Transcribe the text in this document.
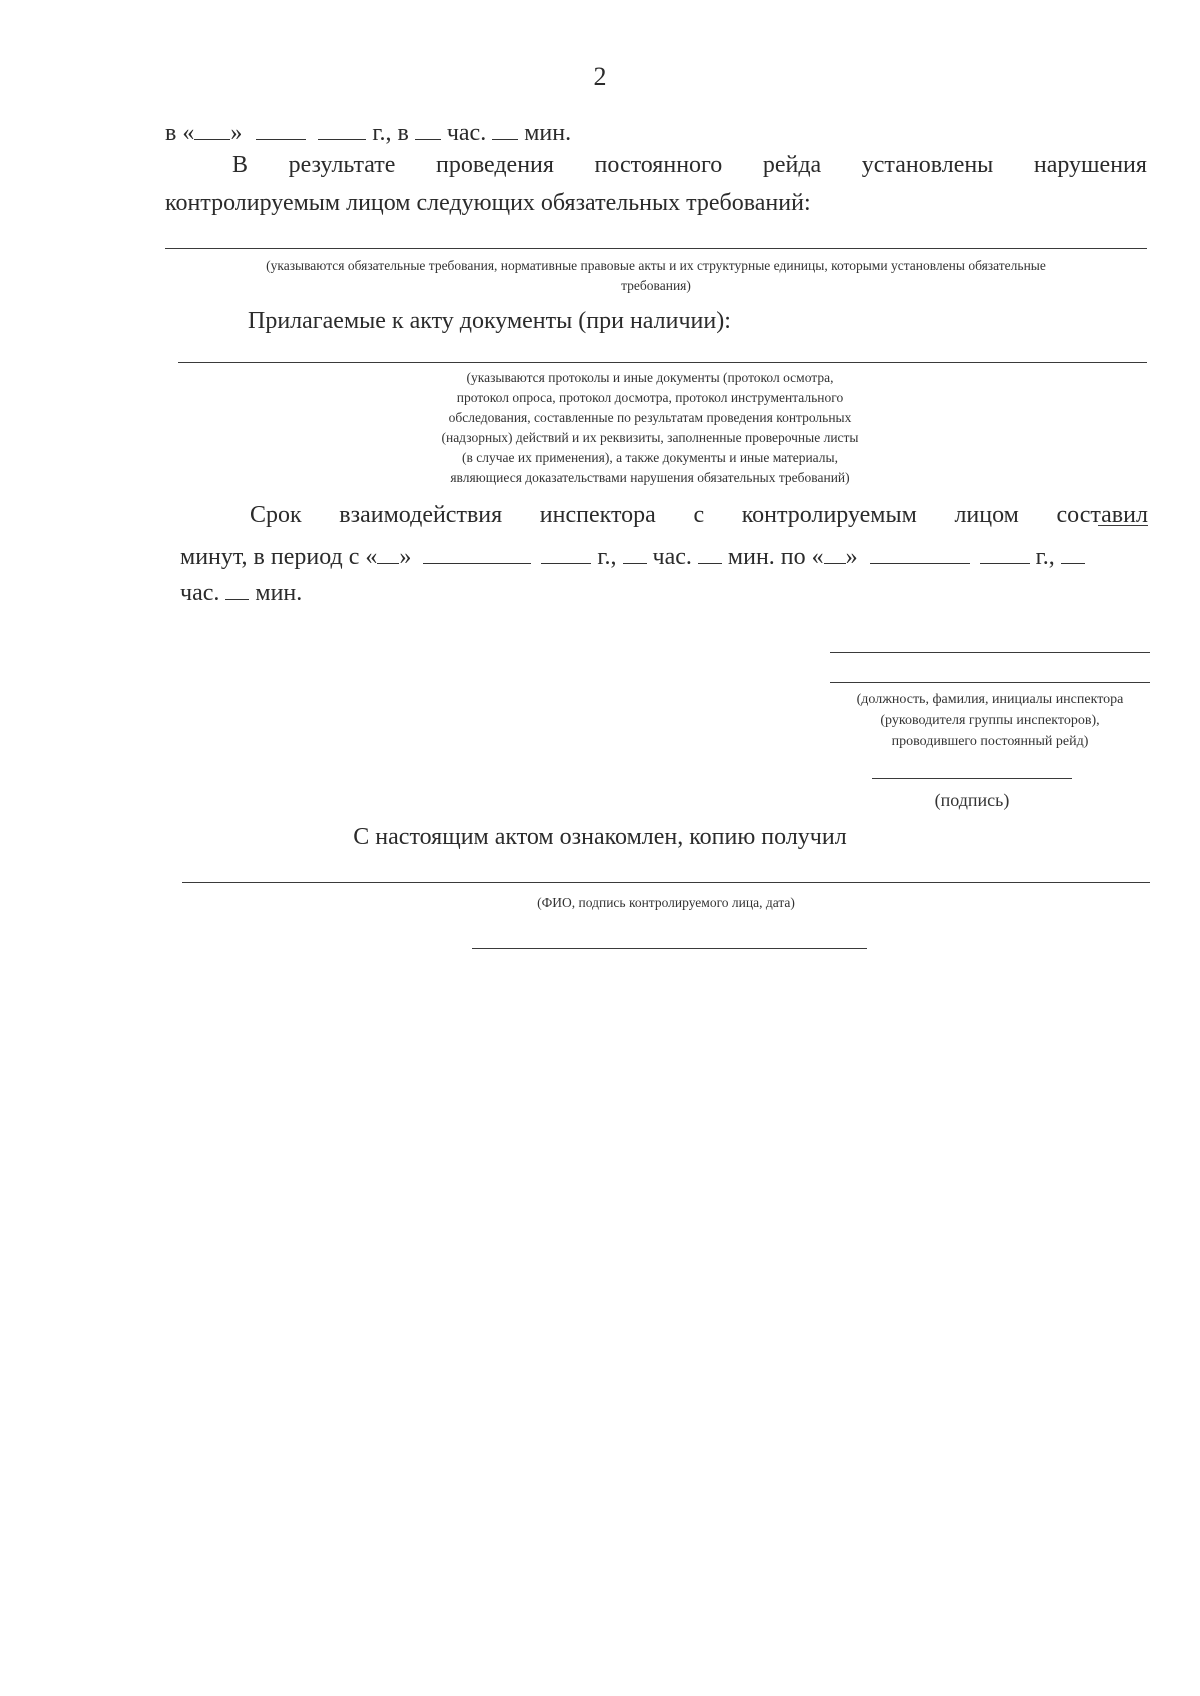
2
в « »	г., в час. мин.
В результате проведения постоянного рейда установлены нарушения
контролируемым лицом следующих обязательных требований:
(указываются обязательные требования, нормативные правовые акты и их структурные единицы, которыми установлены обязательные
требования)
Прилагаемые к акту документы (при наличии):
(указываются протоколы и иные документы (протокол осмотра,
протокол опроса, протокол досмотра, протокол инструментального
обследования, составленные по результатам проведения контрольных
(надзорных) действий и их реквизиты, заполненные проверочные листы
(в случае их применения), а также документы и иные материалы,
являющиеся доказательствами нарушения обязательных требований)
Срок взаимодействия инспектора с контролируемым лицом составил
минут, в период с « »	г., час. мин. по « »	г.,
час. мин.
(должность, фамилия, инициалы инспектора
(руководителя группы инспекторов),
проводившего постоянный рейд)
(подпись)
С настоящим актом ознакомлен, копию получил
(ФИО, подпись контролируемого лица, дата)
